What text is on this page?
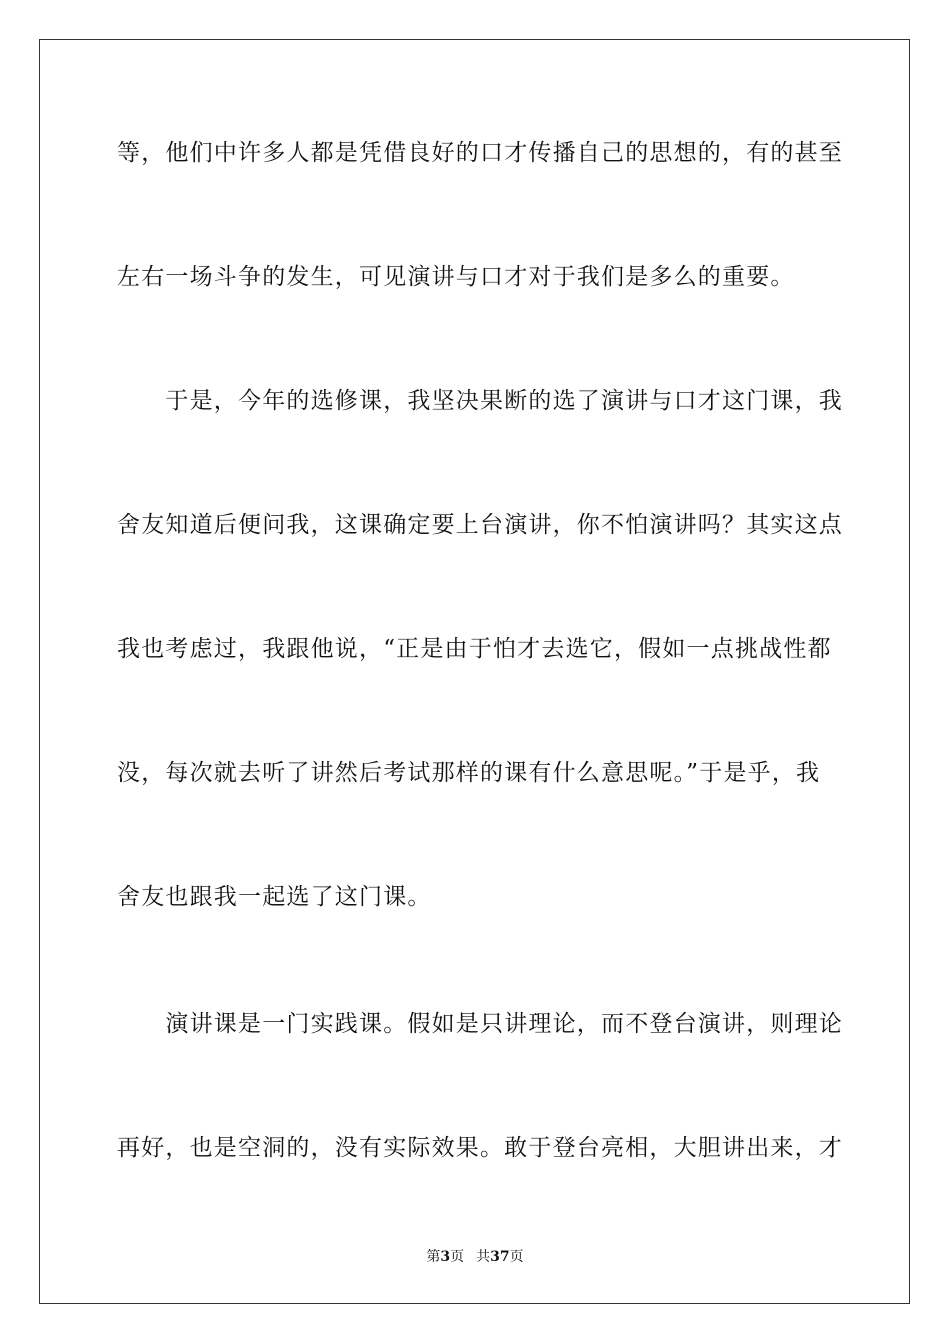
等，他们中许多人都是凭借良好的口才传播自己的思想的，有的甚至
左右一场斗争的发生，可见演讲与口才对于我们是多么的重要。
　　于是，今年的选修课，我坚决果断的选了演讲与口才这门课，我
舍友知道后便问我，这课确定要上台演讲，你不怕演讲吗？其实这点
我也考虑过，我跟他说，“正是由于怕才去选它，假如一点挑战性都
没，每次就去听了讲然后考试那样的课有什么意思呢。”于是乎，我
舍友也跟我一起选了这门课。
　　演讲课是一门实践课。假如是只讲理论，而不登台演讲，则理论
再好，也是空洞的，没有实际效果。敢于登台亮相，大胆讲出来，才
第3页 共37页
